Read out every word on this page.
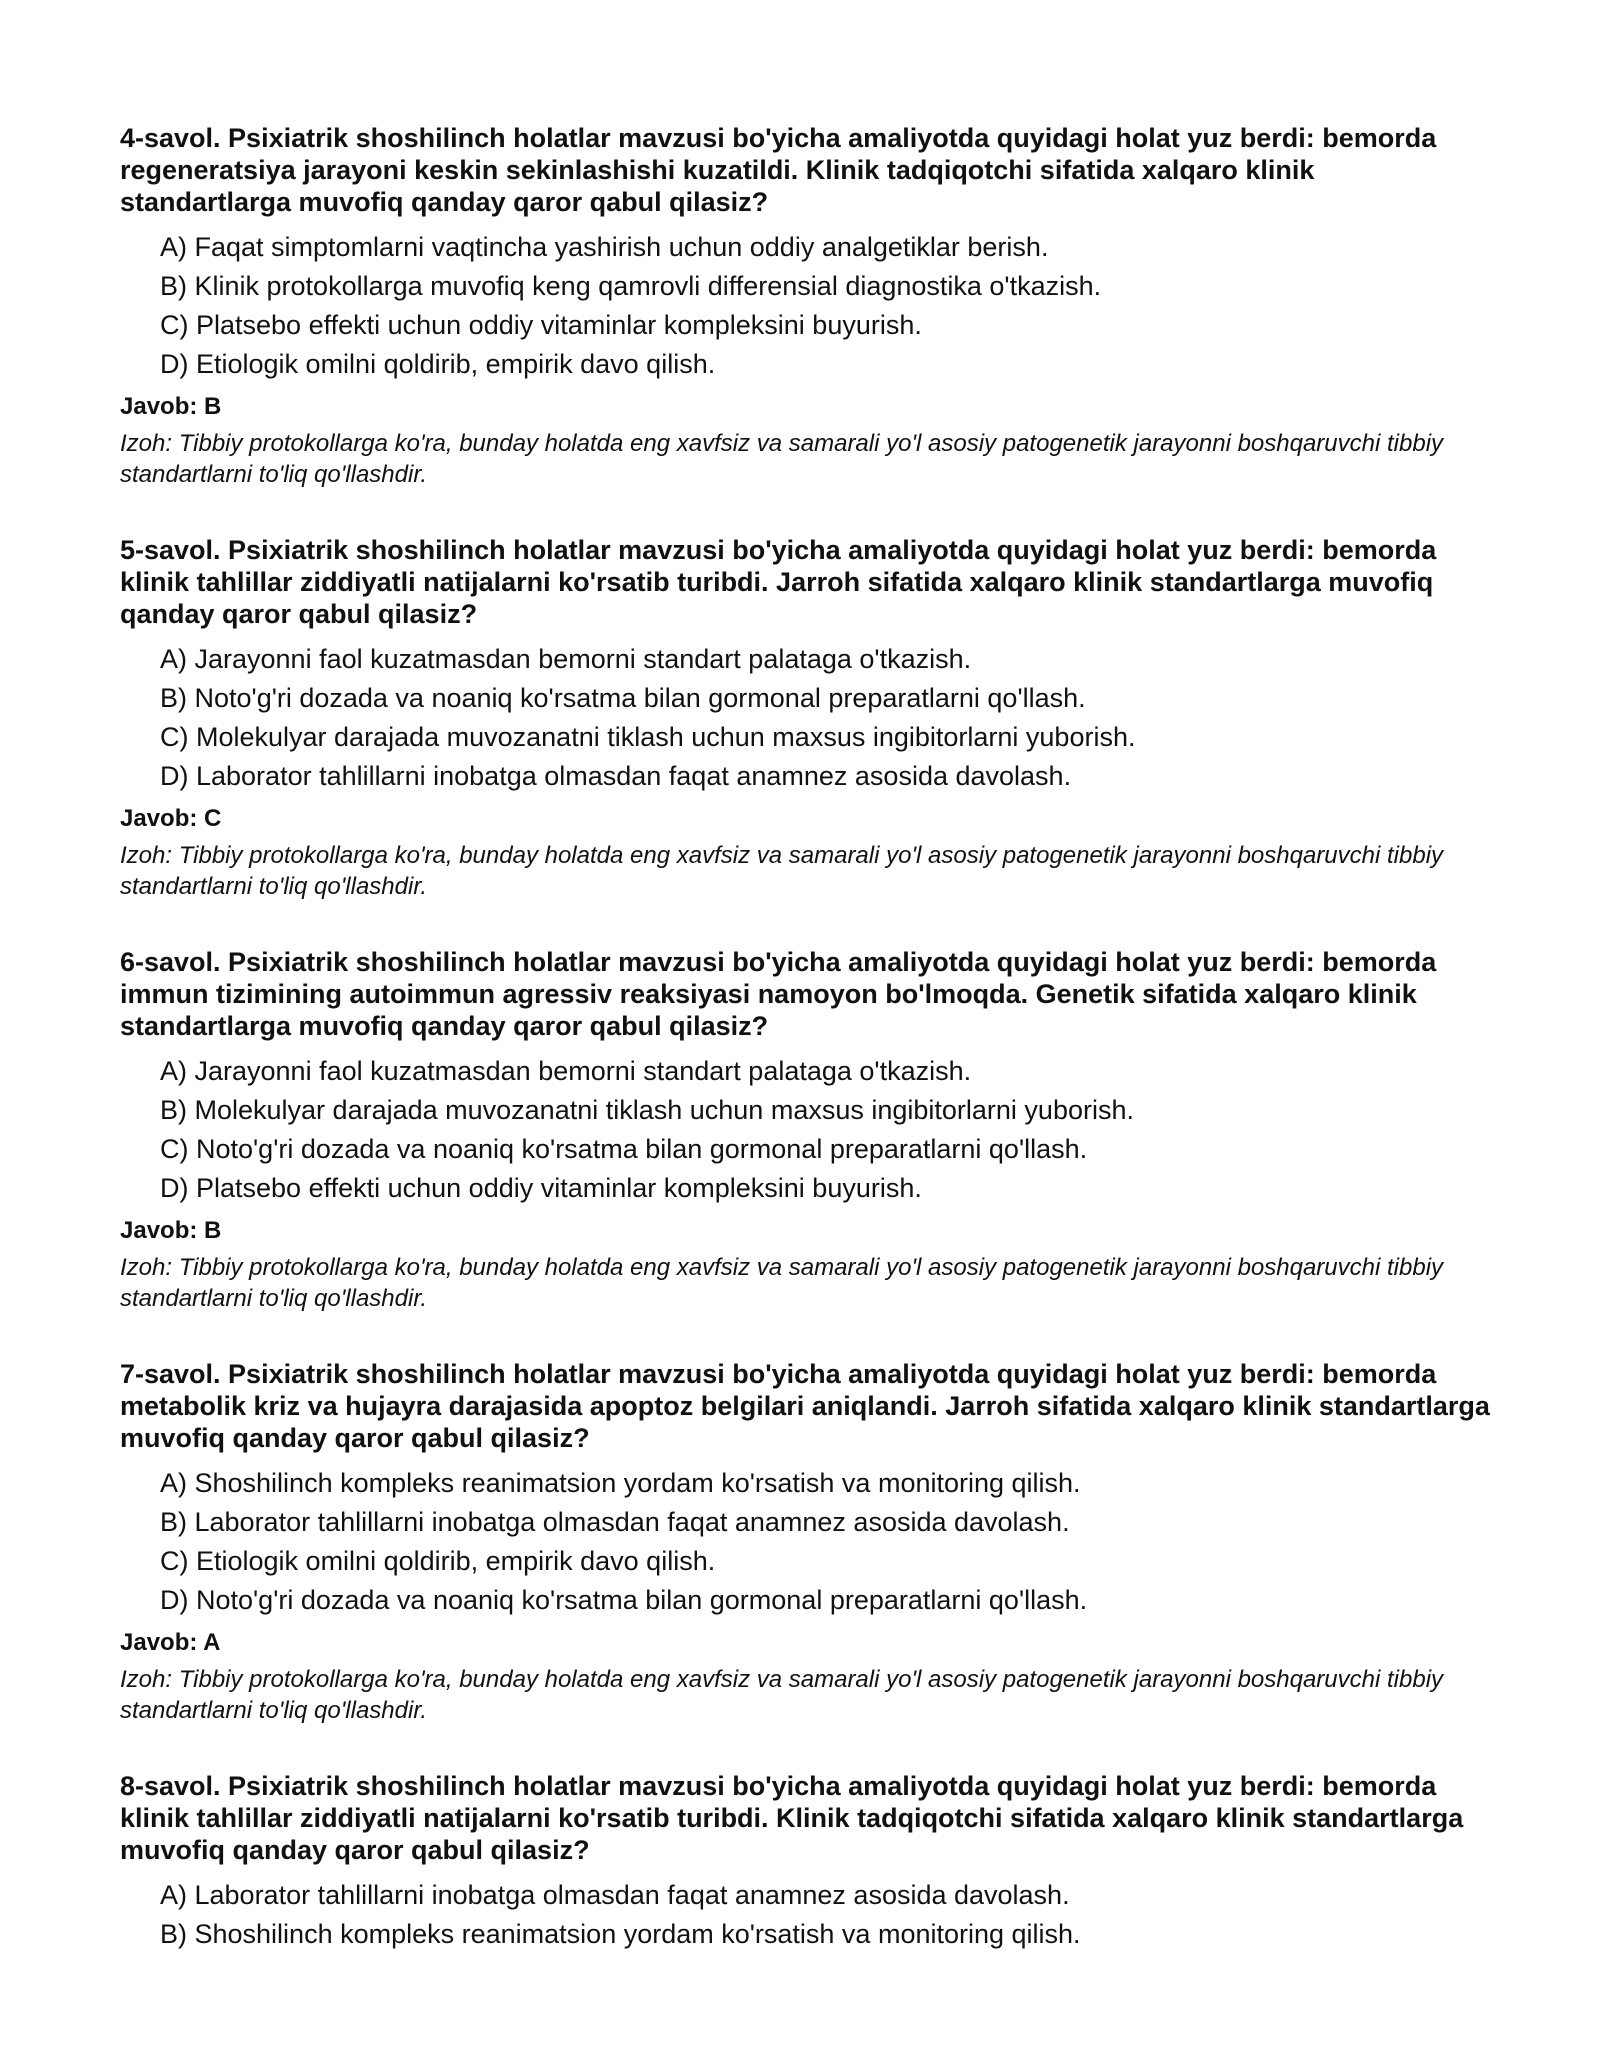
4-savol. Psixiatrik shoshilinch holatlar mavzusi bo'yicha amaliyotda quyidagi holat yuz berdi: bemorda regeneratsiya jarayoni keskin sekinlashishi kuzatildi. Klinik tadqiqotchi sifatida xalqaro klinik standartlarga muvofiq qanday qaror qabul qilasiz?

A) Faqat simptomlarni vaqtincha yashirish uchun oddiy analgetiklar berish.
B) Klinik protokollarga muvofiq keng qamrovli differensial diagnostika o'tkazish.
C) Platsebo effekti uchun oddiy vitaminlar kompleksini buyurish.
D) Etiologik omilni qoldirib, empirik davo qilish.

Javob: B

Izoh: Tibbiy protokollarga ko'ra, bunday holatda eng xavfsiz va samarali yo'l asosiy patogenetik jarayonni boshqaruvchi tibbiy standartlarni to'liq qo'llashdir.

5-savol. Psixiatrik shoshilinch holatlar mavzusi bo'yicha amaliyotda quyidagi holat yuz berdi: bemorda klinik tahlillar ziddiyatli natijalarni ko'rsatib turibdi. Jarroh sifatida xalqaro klinik standartlarga muvofiq qanday qaror qabul qilasiz?

A) Jarayonni faol kuzatmasdan bemorni standart palataga o'tkazish.
B) Noto'g'ri dozada va noaniq ko'rsatma bilan gormonal preparatlarni qo'llash.
C) Molekulyar darajada muvozanatni tiklash uchun maxsus ingibitorlarni yuborish.
D) Laborator tahlillarni inobatga olmasdan faqat anamnez asosida davolash.

Javob: C

Izoh: Tibbiy protokollarga ko'ra, bunday holatda eng xavfsiz va samarali yo'l asosiy patogenetik jarayonni boshqaruvchi tibbiy standartlarni to'liq qo'llashdir.

6-savol. Psixiatrik shoshilinch holatlar mavzusi bo'yicha amaliyotda quyidagi holat yuz berdi: bemorda immun tizimining autoimmun agressiv reaksiyasi namoyon bo'lmoqda. Genetik sifatida xalqaro klinik standartlarga muvofiq qanday qaror qabul qilasiz?

A) Jarayonni faol kuzatmasdan bemorni standart palataga o'tkazish.
B) Molekulyar darajada muvozanatni tiklash uchun maxsus ingibitorlarni yuborish.
C) Noto'g'ri dozada va noaniq ko'rsatma bilan gormonal preparatlarni qo'llash.
D) Platsebo effekti uchun oddiy vitaminlar kompleksini buyurish.

Javob: B

Izoh: Tibbiy protokollarga ko'ra, bunday holatda eng xavfsiz va samarali yo'l asosiy patogenetik jarayonni boshqaruvchi tibbiy standartlarni to'liq qo'llashdir.

7-savol. Psixiatrik shoshilinch holatlar mavzusi bo'yicha amaliyotda quyidagi holat yuz berdi: bemorda metabolik kriz va hujayra darajasida apoptoz belgilari aniqlandi. Jarroh sifatida xalqaro klinik standartlarga muvofiq qanday qaror qabul qilasiz?

A) Shoshilinch kompleks reanimatsion yordam ko'rsatish va monitoring qilish.
B) Laborator tahlillarni inobatga olmasdan faqat anamnez asosida davolash.
C) Etiologik omilni qoldirib, empirik davo qilish.
D) Noto'g'ri dozada va noaniq ko'rsatma bilan gormonal preparatlarni qo'llash.

Javob: A

Izoh: Tibbiy protokollarga ko'ra, bunday holatda eng xavfsiz va samarali yo'l asosiy patogenetik jarayonni boshqaruvchi tibbiy standartlarni to'liq qo'llashdir.

8-savol. Psixiatrik shoshilinch holatlar mavzusi bo'yicha amaliyotda quyidagi holat yuz berdi: bemorda klinik tahlillar ziddiyatli natijalarni ko'rsatib turibdi. Klinik tadqiqotchi sifatida xalqaro klinik standartlarga muvofiq qanday qaror qabul qilasiz?

A) Laborator tahlillarni inobatga olmasdan faqat anamnez asosida davolash.
B) Shoshilinch kompleks reanimatsion yordam ko'rsatish va monitoring qilish.
